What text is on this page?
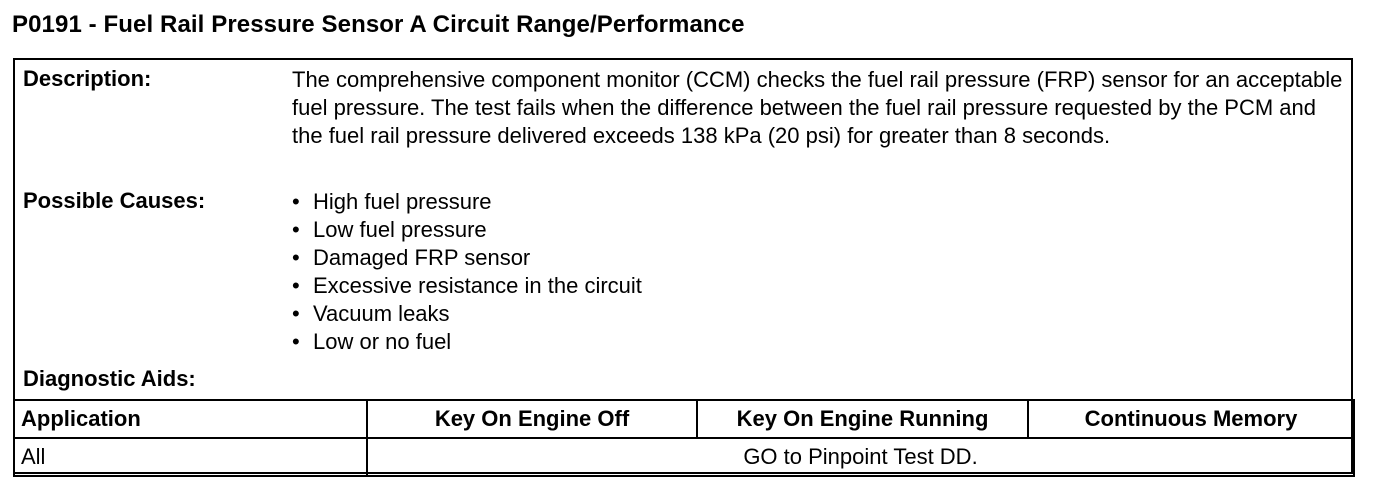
P0191 - Fuel Rail Pressure Sensor A Circuit Range/Performance
Description:	The comprehensive component monitor (CCM) checks the fuel rail pressure (FRP) sensor for an acceptable fuel pressure. The test fails when the difference between the fuel rail pressure requested by the PCM and the fuel rail pressure delivered exceeds 138 kPa (20 psi) for greater than 8 seconds.
Possible Causes:	• High fuel pressure
• Low fuel pressure
• Damaged FRP sensor
• Excessive resistance in the circuit
• Vacuum leaks
• Low or no fuel
Diagnostic Aids:
Application	Key On Engine Off	Key On Engine Running	Continuous Memory
All	GO to Pinpoint Test DD.		
